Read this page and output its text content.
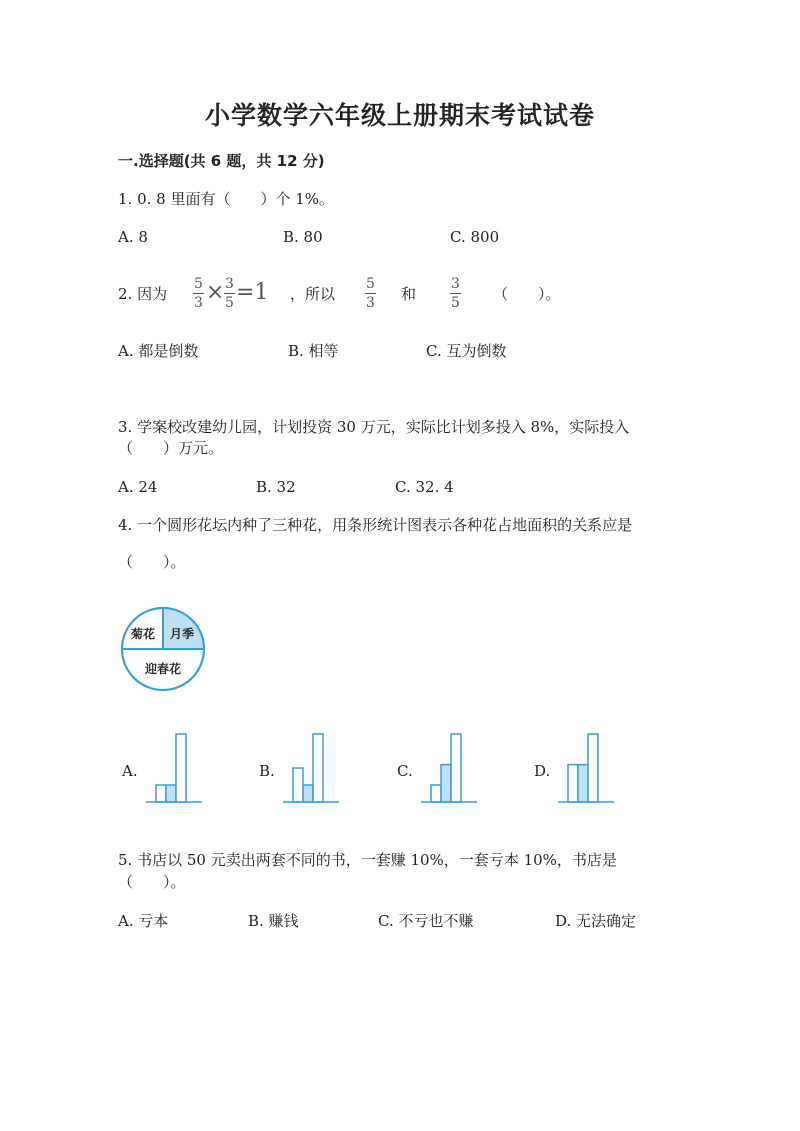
小学数学六年级上册期末考试试卷
一.选择题(共 6 题，共 12 分)
1. 0. 8 里面有（　　）个 1%。
A. 8	B. 80	C. 800
2. 因为
5
3 × 3
5 =1 ，所以
5
3 和
3
5 （　　）。
A. 都是倒数	B. 相等	C. 互为倒数
3. 学案校改建幼儿园，计划投资 30 万元，实际比计划多投入 8%，实际投入
（　　）万元。
A. 24	B. 32	C. 32. 4
4. 一个圆形花坛内种了三种花，用条形统计图表示各种花占地面积的关系应是
（　　）。
菊花 月季
迎春花
A.	B.	C.	D.
5. 书店以 50 元卖出两套不同的书，一套赚 10%，一套亏本 10%，书店是
（　　）。
A. 亏本	B. 赚钱	C. 不亏也不赚	D. 无法确定
